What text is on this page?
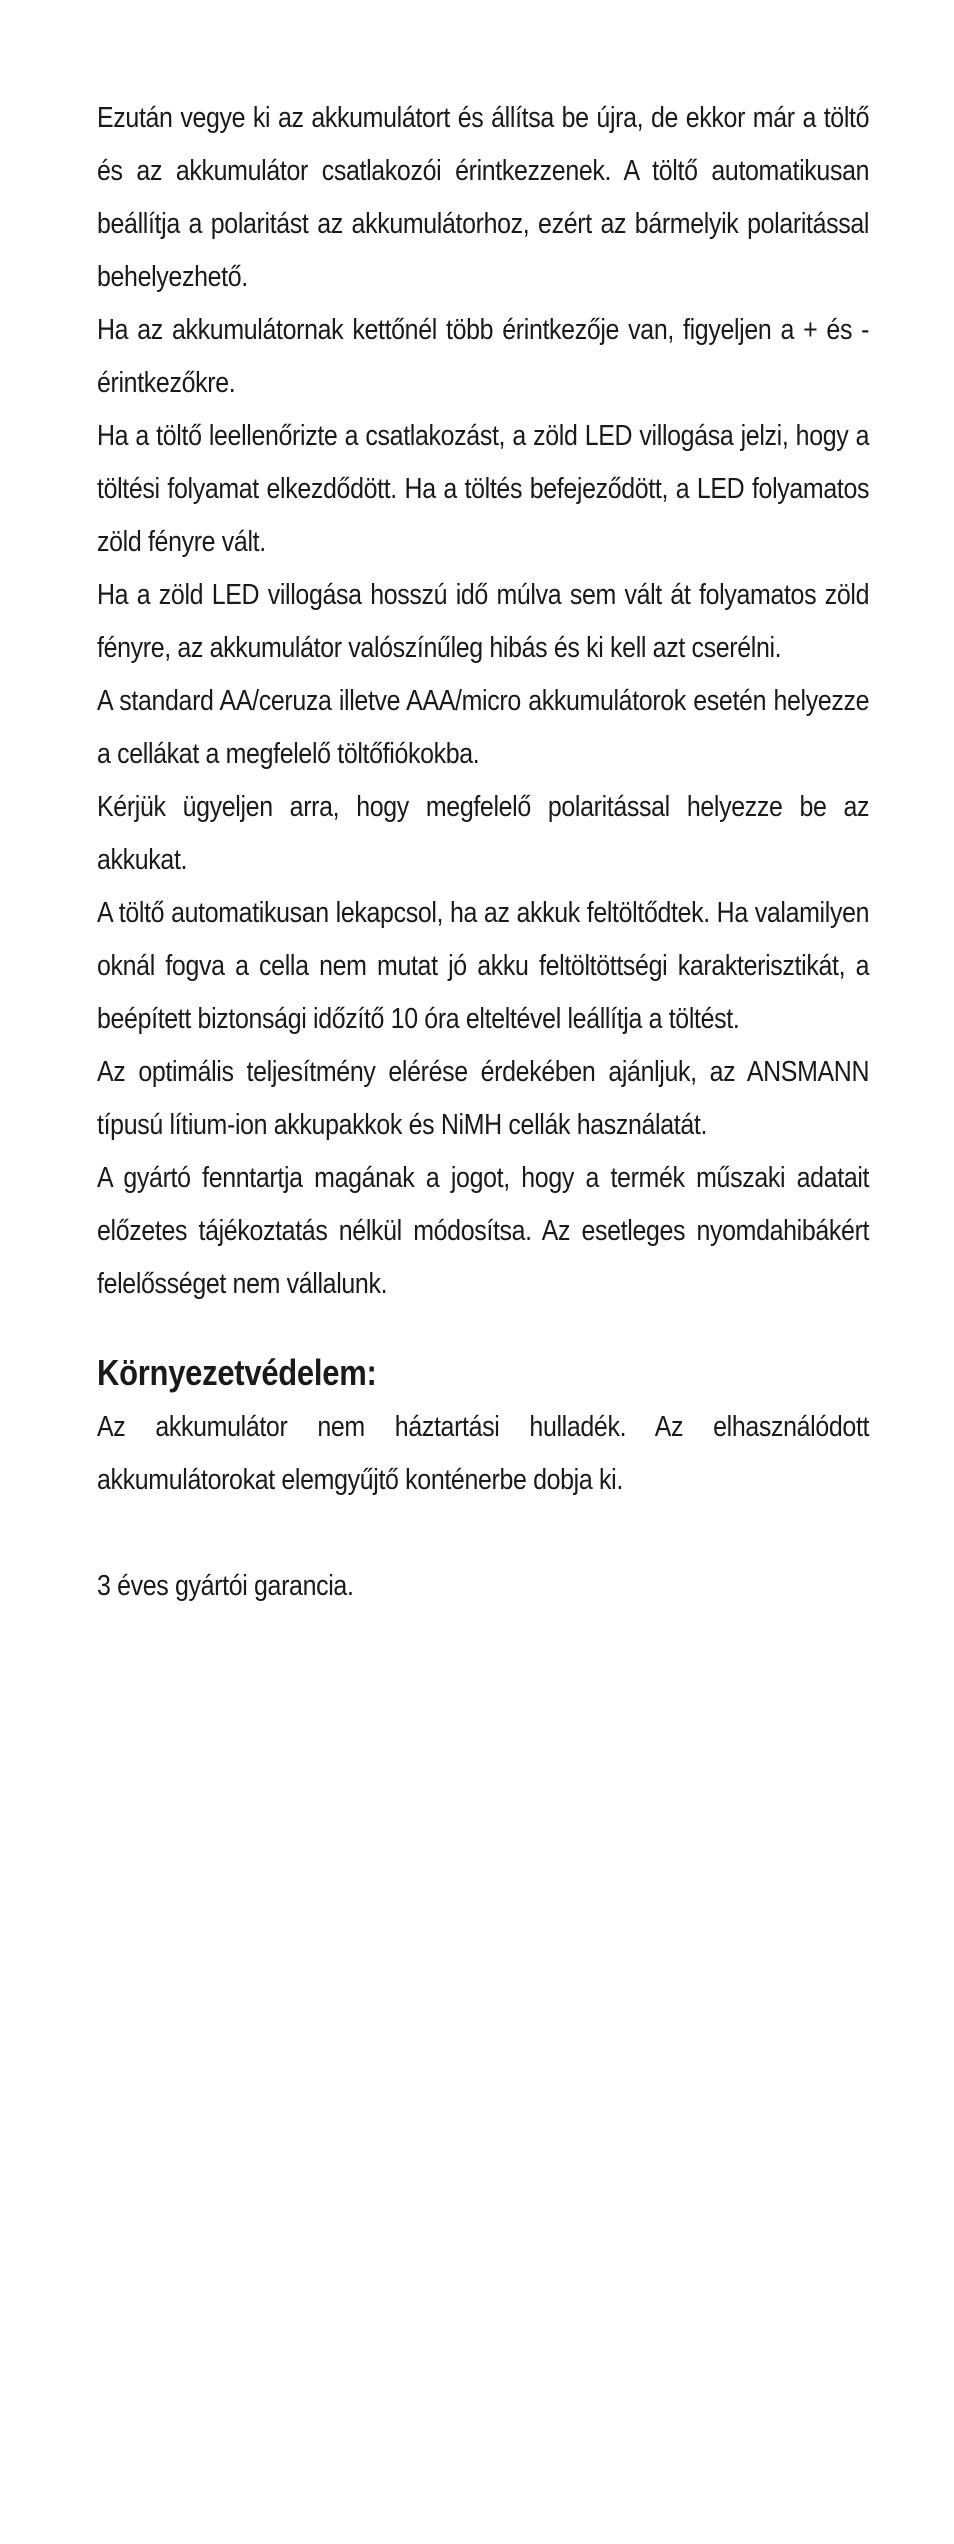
Ezután vegye ki az akkumulátort és állítsa be újra, de ekkor már a töltő és az akkumulátor csatlakozói érintkezzenek. A töltő automatikusan beállítja a polaritást az akkumulátorhoz, ezért az bármelyik polaritással behelyezhető.

Ha az akkumulátornak kettőnél több érintkezője van, figyeljen a + és - érintkezőkre.

Ha a töltő leellenőrizte a csatlakozást, a zöld LED villogása jelzi, hogy a töltési folyamat elkezdődött. Ha a töltés befejeződött, a LED folyamatos zöld fényre vált.

Ha a zöld LED villogása hosszú idő múlva sem vált át folyamatos zöld fényre, az akkumulátor valószínűleg hibás és ki kell azt cserélni.

A standard AA/ceruza illetve AAA/micro akkumulátorok esetén helyezze a cellákat a megfelelő töltőfiókokba.

Kérjük ügyeljen arra, hogy megfelelő polaritással helyezze be az akkukat.

A töltő automatikusan lekapcsol, ha az akkuk feltöltődtek. Ha valamilyen oknál fogva a cella nem mutat jó akku feltöltöttségi karakterisztikát, a beépített biztonsági időzítő 10 óra elteltével leállítja a töltést.

Az optimális teljesítmény elérése érdekében ajánljuk, az ANSMANN típusú lítium-ion akkupakkok és NiMH cellák használatát.

A gyártó fenntartja magának a jogot, hogy a termék műszaki adatait előzetes tájékoztatás nélkül módosítsa. Az esetleges nyomdahibákért felelősséget nem vállalunk.

Környezetvédelem:

Az akkumulátor nem háztartási hulladék. Az elhasználódott akkumulátorokat elemgyűjtő konténerbe dobja ki.

3 éves gyártói garancia.
